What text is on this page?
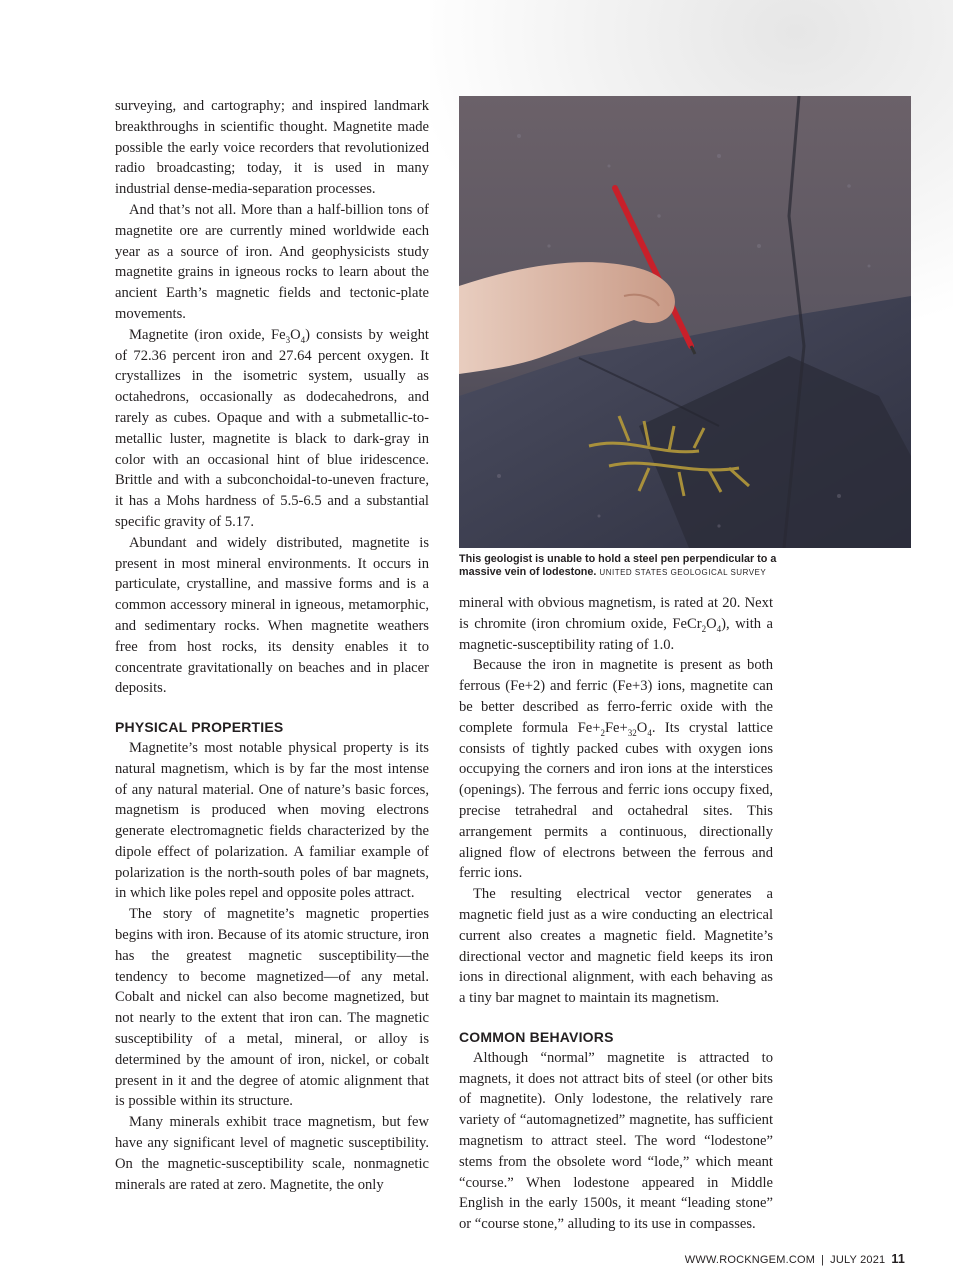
surveying, and cartography; and inspired landmark breakthroughs in scientific thought. Magnetite made possible the early voice recorders that revolutionized radio broadcasting; today, it is used in many industrial dense-media-separation processes.

And that’s not all. More than a half-billion tons of magnetite ore are currently mined worldwide each year as a source of iron. And geophysicists study magnetite grains in igneous rocks to learn about the ancient Earth’s magnetic fields and tectonic-plate movements.

Magnetite (iron oxide, $Fe_3O_4$) consists by weight of 72.36 percent iron and 27.64 percent oxygen. It crystallizes in the isometric system, usually as octahedrons, occasionally as dodecahedrons, and rarely as cubes. Opaque and with a submetallic-to-metallic luster, magnetite is black to dark-gray in color with an occasional hint of blue iridescence. Brittle and with a subconchoidal-to-uneven fracture, it has a Mohs hardness of 5.5-6.5 and a substantial specific gravity of 5.17.

Abundant and widely distributed, magnetite is present in most mineral environments. It occurs in particulate, crystalline, and massive forms and is a common accessory mineral in igneous, metamorphic, and sedimentary rocks. When magnetite weathers free from host rocks, its density enables it to concentrate gravitationally on beaches and in placer deposits.

PHYSICAL PROPERTIES

Magnetite’s most notable physical property is its natural magnetism, which is by far the most intense of any natural material. One of nature’s basic forces, magnetism is produced when moving electrons generate electromagnetic fields characterized by the dipole effect of polarization. A familiar example of polarization is the north-south poles of bar magnets, in which like poles repel and opposite poles attract.

The story of magnetite’s magnetic properties begins with iron. Because of its atomic structure, iron has the greatest magnetic susceptibility—the tendency to become magnetized—of any metal. Cobalt and nickel can also become magnetized, but not nearly to the extent that iron can. The magnetic susceptibility of a metal, mineral, or alloy is determined by the amount of iron, nickel, or cobalt present in it and the degree of atomic alignment that is possible within its structure.

Many minerals exhibit trace magnetism, but few have any significant level of magnetic susceptibility. On the magnetic-susceptibility scale, nonmagnetic minerals are rated at zero. Magnetite, the only

This geologist is unable to hold a steel pen perpendicular to a massive vein of lodestone. UNITED STATES GEOLOGICAL SURVEY

mineral with obvious magnetism, is rated at 20. Next is chromite (iron chromium oxide, $FeCr_2O_4$), with a magnetic-susceptibility rating of 1.0.

Because the iron in magnetite is present as both ferrous (Fe+2) and ferric (Fe+3) ions, magnetite can be better described as ferro-ferric oxide with the complete formula $Fe+_2Fe+_{32}O_4$. Its crystal lattice consists of tightly packed cubes with oxygen ions occupying the corners and iron ions at the interstices (openings). The ferrous and ferric ions occupy fixed, precise tetrahedral and octahedral sites. This arrangement permits a continuous, directionally aligned flow of electrons between the ferrous and ferric ions.

The resulting electrical vector generates a magnetic field just as a wire conducting an electrical current also creates a magnetic field. Magnetite’s directional vector and magnetic field keeps its iron ions in directional alignment, with each behaving as a tiny bar magnet to maintain its magnetism.

COMMON BEHAVIORS

Although “normal” magnetite is attracted to magnets, it does not attract bits of steel (or other bits of magnetite). Only lodestone, the relatively rare variety of “automagnetized” magnetite, has sufficient magnetism to attract steel. The word “lodestone” stems from the obsolete word “lode,” which meant “course.” When lodestone appeared in Middle English in the early 1500s, it meant “leading stone” or “course stone,” alluding to its use in compasses.

WWW.ROCKNGEM.COM | JULY 2021 11
